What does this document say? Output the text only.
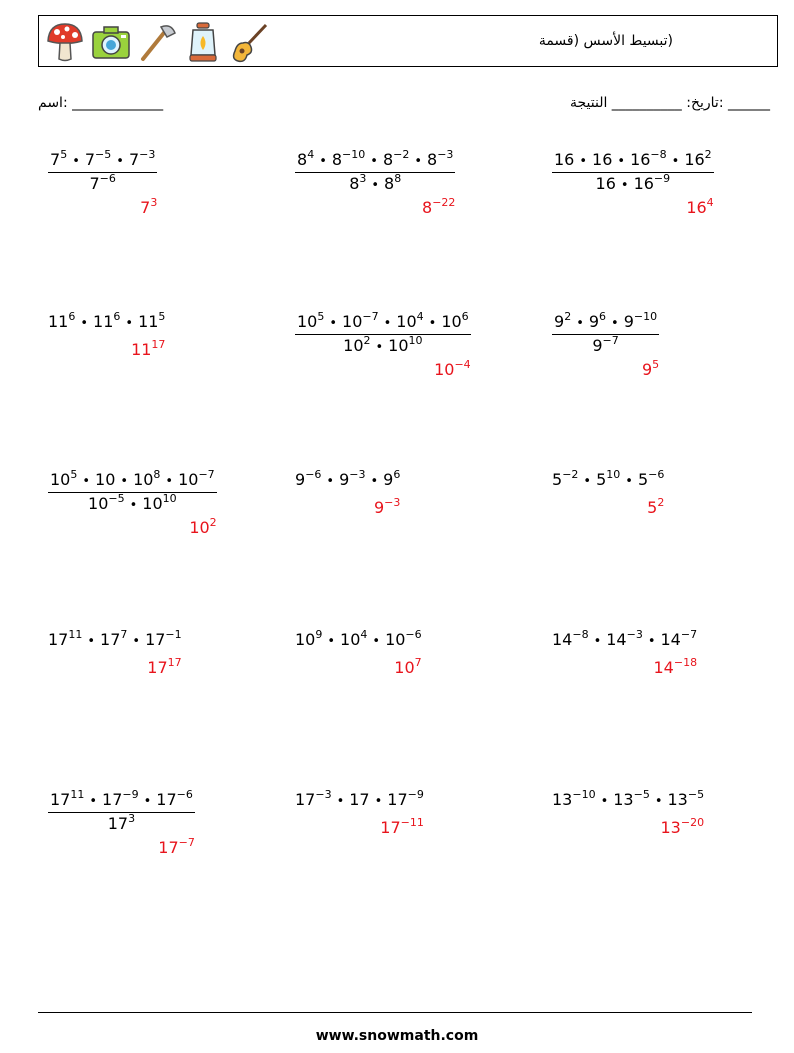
(تبسيط الأسس (قسمة
_____________ :اسم	______ :تاريخ: __________ النتيجة
$\frac{7^5 • 7^{-5} • 7^{-3}}{7^{-6}}$
$7^3$
$\frac{8^4 • 8^{-10} • 8^{-2} • 8^{-3}}{8^3 • 8^8}$
$8^{-22}$
$\frac{16 • 16 • 16^{-8} • 16^2}{16 • 16^{-9}}$
$16^4$
$11^6$ • $11^6$ • $11^5$
$11^{17}$	$\frac{10^5 • 10^{-7} • 10^4 • 10^6}{10^2 • 10^{10}}$
$10^{-4}$
$\frac{9^2 • 9^6 • 9^{-10}}{9^{-7}}$
$9^5$
$\frac{10^5 • 10 • 10^8 • 10^{-7}}{10^{-5} • 10^{10}}$
$10^2$
$9^{-6}$ • $9^{-3}$ • $9^6$
$9^{-3}$
$5^{-2}$ • $5^{10}$ • $5^{-6}$
$5^2$
$17^{11}$ • $17^7$ • $17^{-1}$
$17^{17}$
$10^9$ • $10^4$ • $10^{-6}$
$10^7$
$14^{-8}$ • $14^{-3}$ • $14^{-7}$
$14^{-18}$
$\frac{17^{11} • 17^{-9} • 17^{-6}}{17^3}$
$17^{-7}$
$17^{-3}$ • 17 • $17^{-9}$
$17^{-11}$
$13^{-10}$ • $13^{-5}$ • $13^{-5}$
$13^{-20}$
www.snowmath.com
